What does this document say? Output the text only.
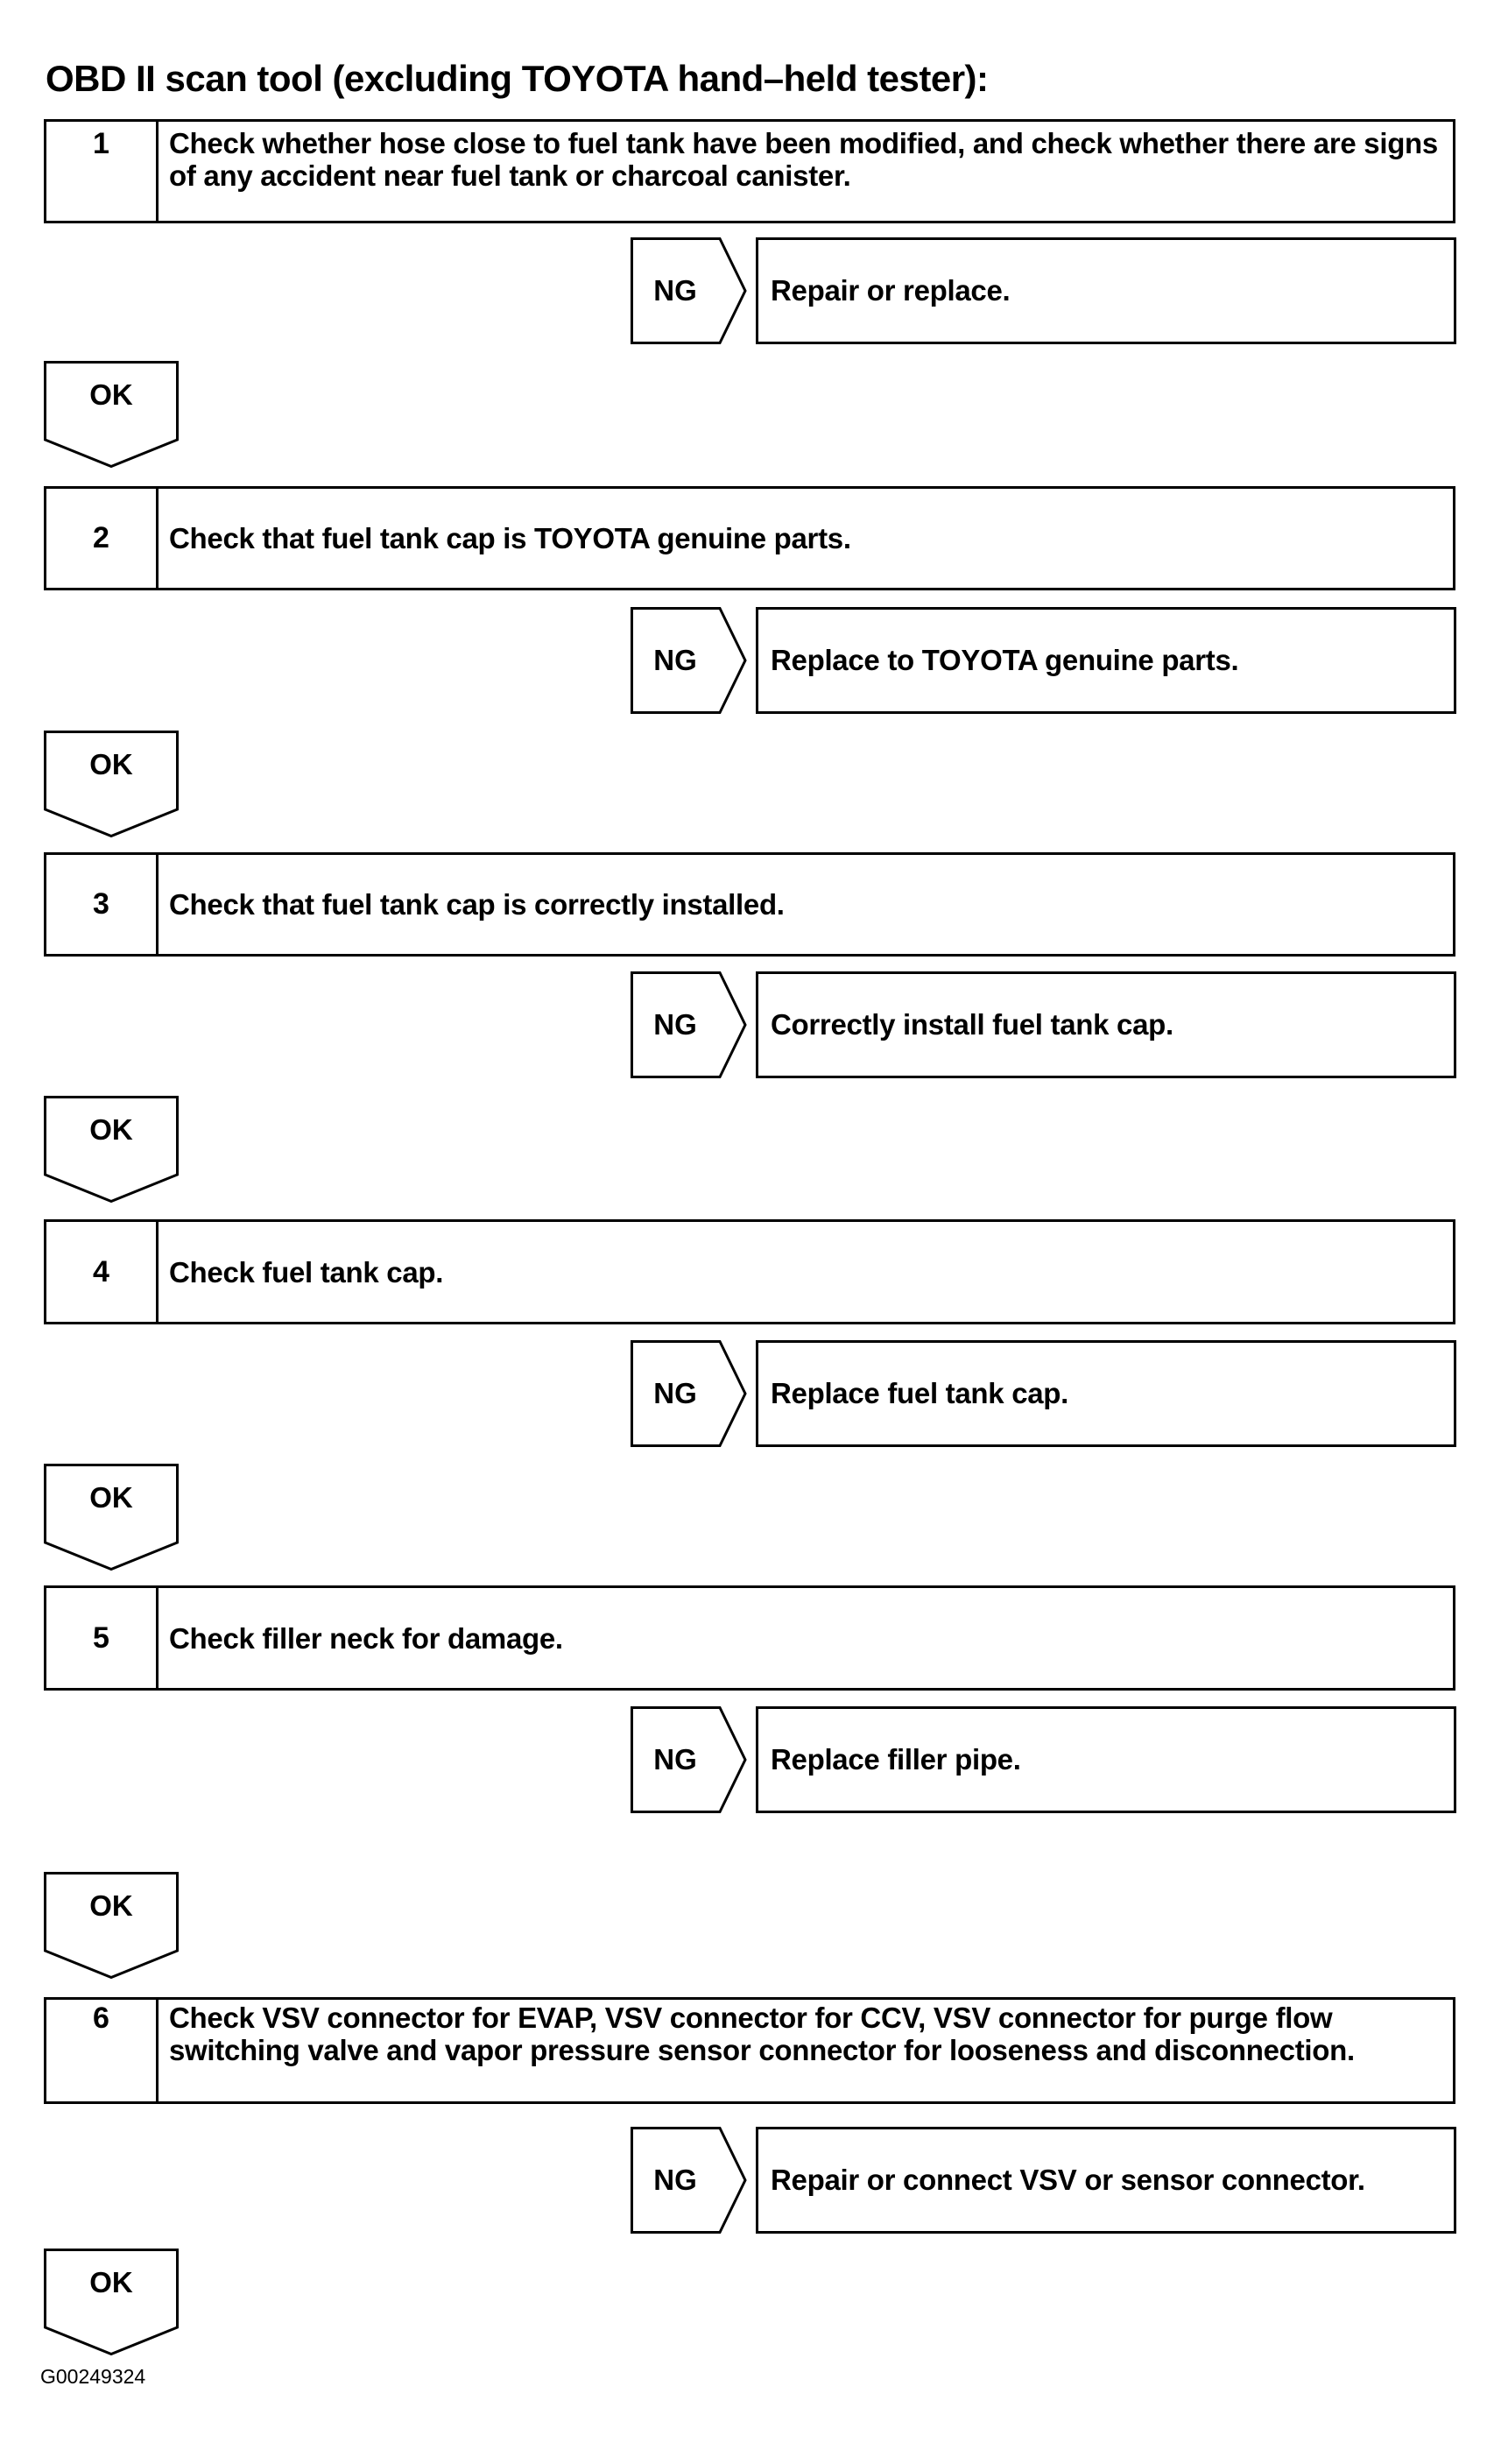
OBD II scan tool (excluding TOYOTA hand–held tester):
1	Check whether hose close to fuel tank have been modified, and check whether there are signs of any accident near fuel tank or charcoal canister.
2	Check that fuel tank cap is TOYOTA genuine parts.
3	Check that fuel tank cap is correctly installed.
4	Check fuel tank cap.
5	Check filler neck for damage.
6	Check VSV connector for EVAP, VSV connector for CCV, VSV connector for purge flow switching valve and vapor pressure sensor connector for looseness and disconnection.
NG	Repair or replace.
NG	Replace to TOYOTA genuine parts.
NG	Correctly install fuel tank cap.
NG	Replace fuel tank cap.
NG	Replace filler pipe.
NG	Repair or connect VSV or sensor connector.
OK
OK
OK
OK
OK
OK
G00249324
